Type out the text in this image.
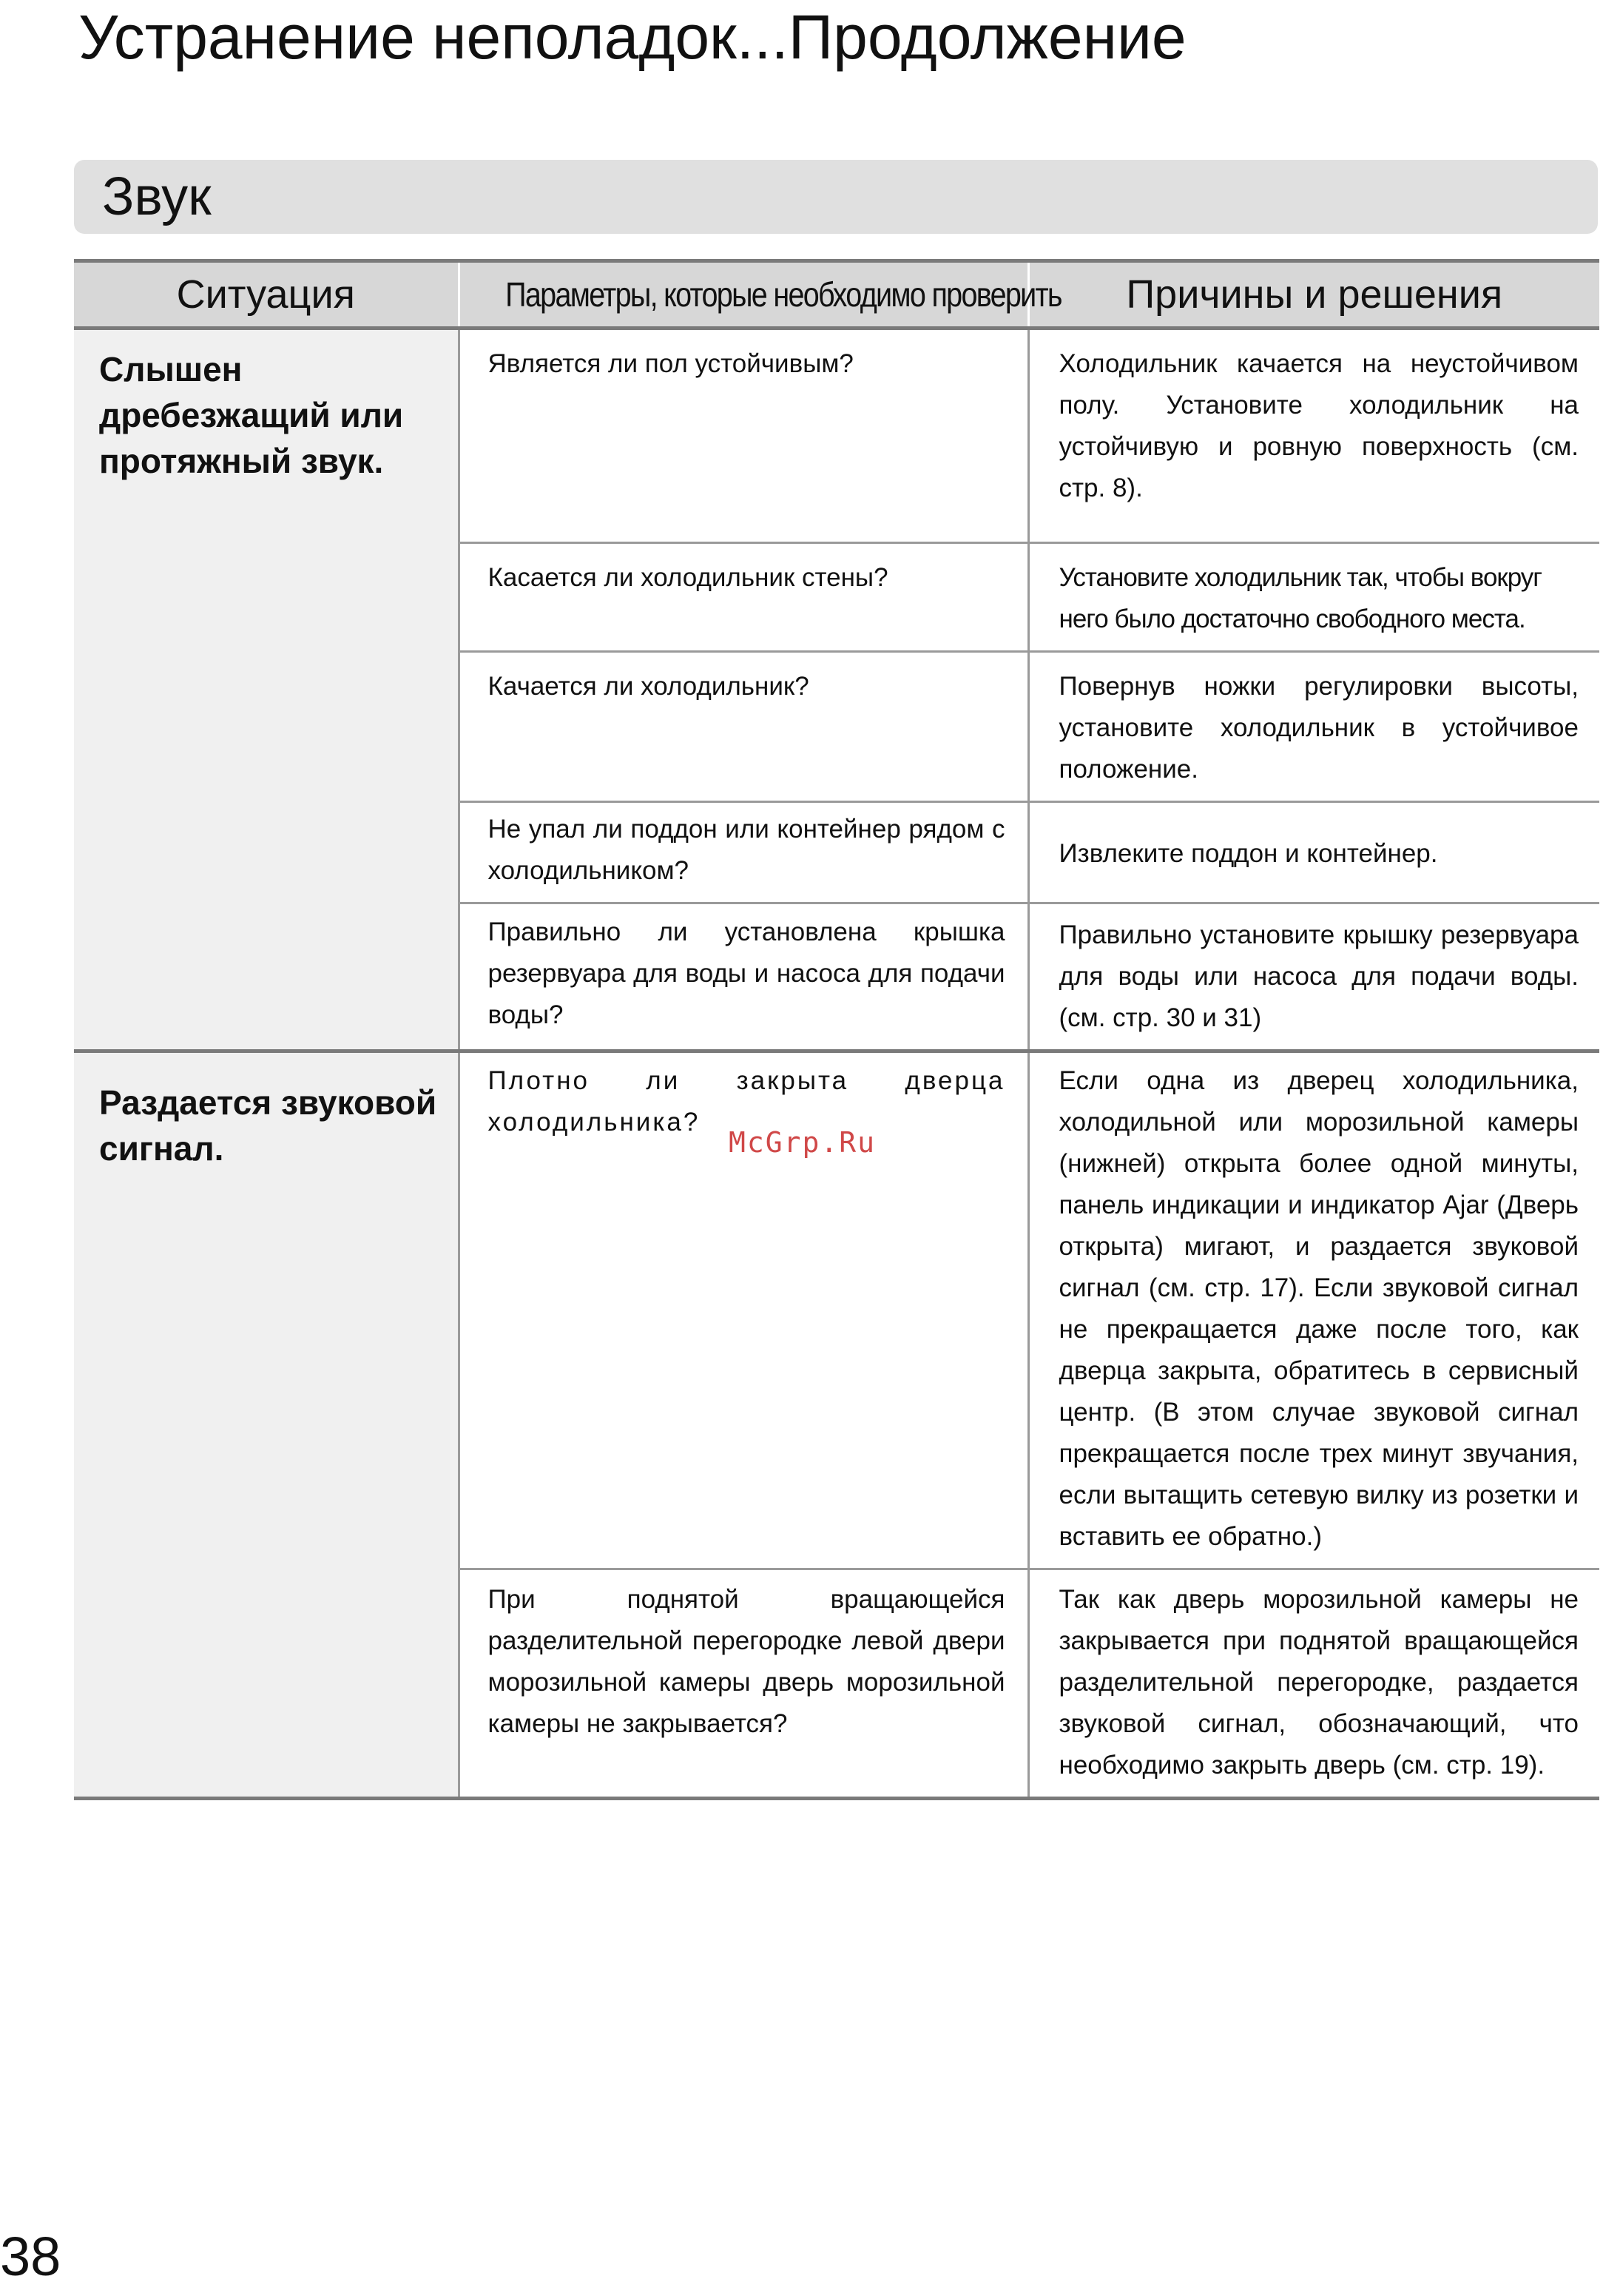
Устранение неполадок...Продолжение
Звук
Ситуация	Параметры, которые необходимо проверить	Причины и решения
Слышен дребезжащий или протяжный звук.	Является ли пол устойчивым?	Холодильник качается на неустойчивом полу. Установите холодильник на устойчивую и ровную поверхность (см. стр. 8).
	Касается ли холодильник стены?	Установите холодильник так, чтобы вокруг него было достаточно свободного места.
	Качается ли холодильник?	Повернув ножки регулировки высоты, установите холодильник в устойчивое положение.
	Не упал ли поддон или контейнер рядом с холодильником?	Извлеките поддон и контейнер.
	Правильно ли установлена крышка резервуара для воды и насоса для подачи воды?	Правильно установите крышку резервуара для воды или насоса для подачи воды. (см. стр. 30 и 31)
Раздается звуковой сигнал.	Плотно ли закрыта дверца холодильника?	Если одна из дверец холодильника, холодильной или морозильной камеры (нижней) открыта более одной минуты, панель индикации и индикатор Ajar (Дверь открыта) мигают, и раздается звуковой сигнал (см. стр. 17). Если звуковой сигнал не прекращается даже после того, как дверца закрыта, обратитесь в сервисный центр. (В этом случае звуковой сигнал прекращается после трех минут звучания, если вытащить сетевую вилку из розетки и вставить ее обратно.)
	При поднятой вращающейся разделительной перегородке левой двери морозильной камеры дверь морозильной камеры не закрывается?	Так как дверь морозильной камеры не закрывается при поднятой вращающейся разделительной перегородке, раздается звуковой сигнал, обозначающий, что необходимо закрыть дверь (см. стр. 19).
McGrp.Ru
38
